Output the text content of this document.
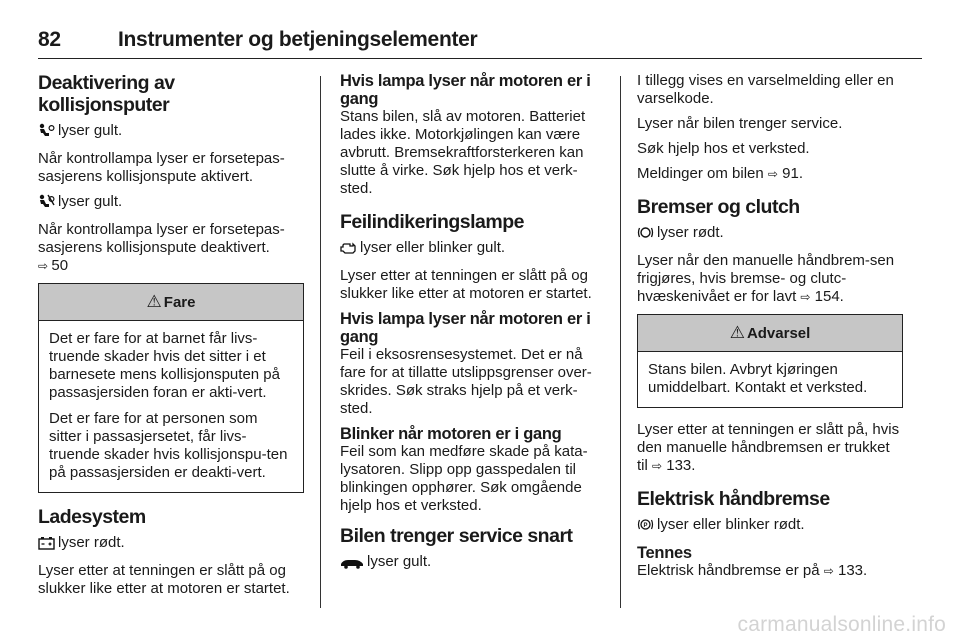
82	Instrumenter og betjeningselementer
Deaktivering av kollisjonsputer

lyser gult.

Når kontrollampa lyser er forsetepas-sasjerens kollisjonspute aktivert.

lyser gult.

Når kontrollampa lyser er forsetepas-sasjerens kollisjonspute deaktivert.

⇨ 50

⚠ Fare

Det er fare for at barnet får livs-truende skader hvis det sitter i et barnesete mens kollisjonsputen på passasjersiden foran er akti-vert.

Det er fare for at personen som sitter i passasjersetet, får livs-truende skader hvis kollisjonspu-ten på passasjersiden er deakti-vert.

Ladesystem

lyser rødt.

Lyser etter at tenningen er slått på og slukker like etter at motoren er startet.

Hvis lampa lyser når motoren er i gang

Stans bilen, slå av motoren. Batteriet lades ikke. Motorkjølingen kan være avbrutt. Bremsekraftforsterkeren kan slutte å virke. Søk hjelp hos et verk-sted.

Feilindikeringslampe

lyser eller blinker gult.

Lyser etter at tenningen er slått på og slukker like etter at motoren er startet.

Hvis lampa lyser når motoren er i gang

Feil i eksosrensesystemet. Det er nå fare for at tillatte utslippsgrenser over-skrides. Søk straks hjelp på et verk-sted.

Blinker når motoren er i gang

Feil som kan medføre skade på kata-lysatoren. Slipp opp gasspedalen til blinkingen opphører. Søk omgående hjelp hos et verksted.

Bilen trenger service snart

lyser gult.

I tillegg vises en varselmelding eller en varselkode.

Lyser når bilen trenger service.

Søk hjelp hos et verksted.

Meldinger om bilen ⇨ 91.

Bremser og clutch

lyser rødt.

Lyser når den manuelle håndbrem-sen frigjøres, hvis bremse- og clutc-hvæskenivået er for lavt ⇨ 154.

⚠ Advarsel

Stans bilen. Avbryt kjøringen umiddelbart. Kontakt et verksted.

Lyser etter at tenningen er slått på, hvis den manuelle håndbremsen er trukket til ⇨ 133.

Elektrisk håndbremse

P lyser eller blinker rødt.

Tennes

Elektrisk håndbremse er på ⇨ 133.

carmanualsonline.info
